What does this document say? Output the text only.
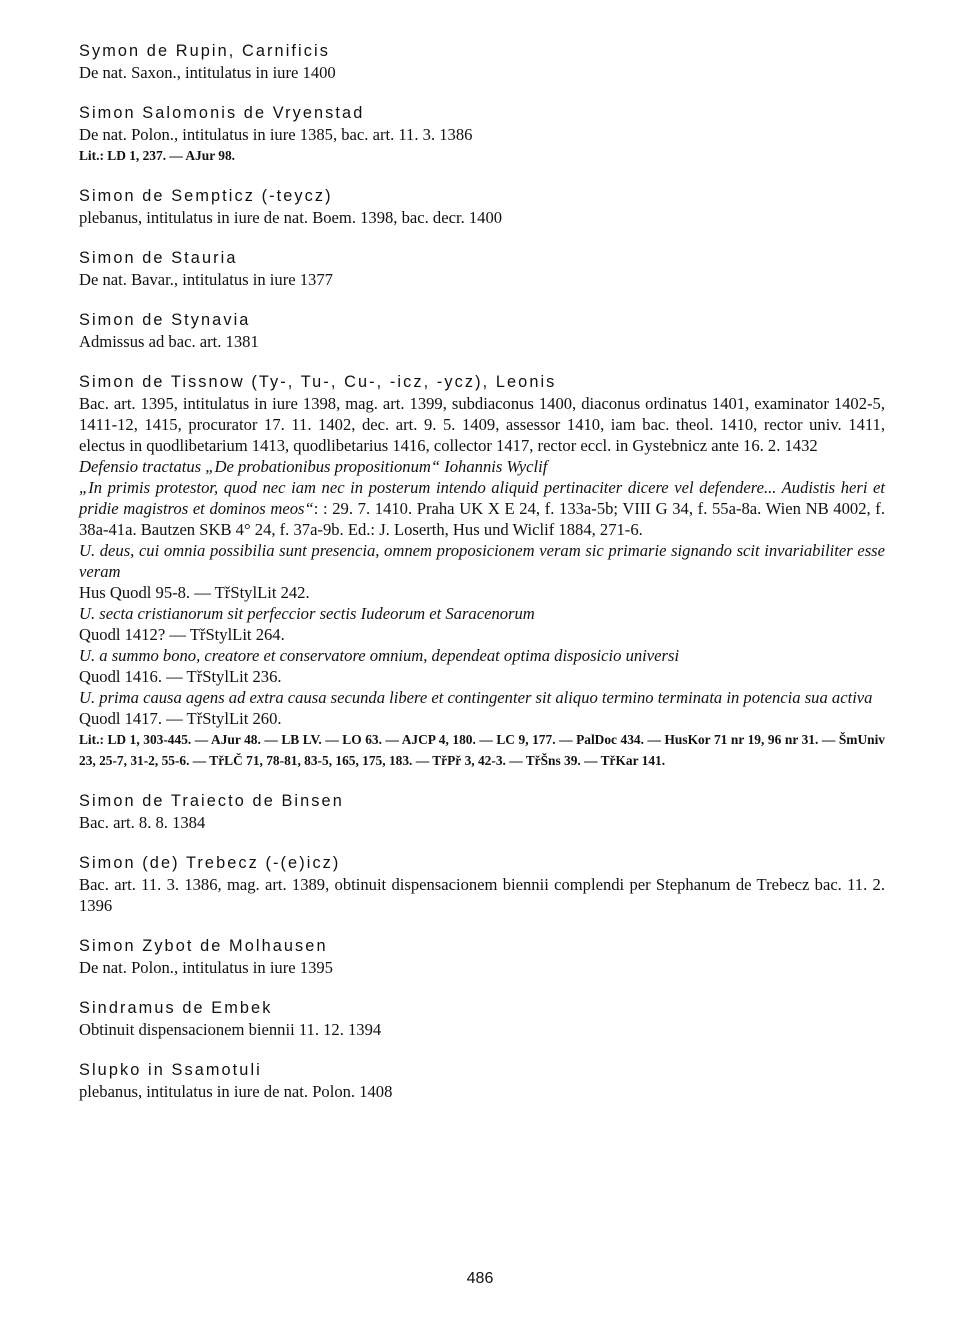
Symon de Rupin, Carnificis
De nat. Saxon., intitulatus in iure 1400
Simon Salomonis de Vryenstad
De nat. Polon., intitulatus in iure 1385, bac. art. 11. 3. 1386
Lit.: LD 1, 237. — AJur 98.
Simon de Sempticz (-teycz)
plebanus, intitulatus in iure de nat. Boem. 1398, bac. decr. 1400
Simon de Stauria
De nat. Bavar., intitulatus in iure 1377
Simon de Stynavia
Admissus ad bac. art. 1381
Simon de Tissnow (Ty-, Tu-, Cu-, -icz, -ycz), Leonis
Bac. art. 1395, intitulatus in iure 1398, mag. art. 1399, subdiaconus 1400, diaconus ordinatus 1401, examinator 1402-5, 1411-12, 1415, procurator 17. 11. 1402, dec. art. 9. 5. 1409, assessor 1410, iam bac. theol. 1410, rector univ. 1411, electus in quodlibetarium 1413, quodlibetarius 1416, collector 1417, rector eccl. in Gystebnicz ante 16. 2. 1432
Defensio tractatus „De probationibus propositionum“ Iohannis Wyclif
„In primis protestor, quod nec iam nec in posterum intendo aliquid pertinaciter dicere vel defendere... Audistis heri et pridie magistros et dominos meos“: : 29. 7. 1410. Praha UK X E 24, f. 133a-5b; VIII G 34, f. 55a-8a. Wien NB 4002, f. 38a-41a. Bautzen SKB 4° 24, f. 37a-9b. Ed.: J. Loserth, Hus und Wiclif 1884, 271-6.
U. deus, cui omnia possibilia sunt presencia, omnem proposicionem veram sic primarie signando scit invariabiliter esse veram
Hus Quodl 95-8. — TřStylLit 242.
U. secta cristianorum sit perfeccior sectis Iudeorum et Saracenorum
Quodl 1412? — TřStylLit 264.
U. a summo bono, creatore et conservatore omnium, dependeat optima disposicio universi
Quodl 1416. — TřStylLit 236.
U. prima causa agens ad extra causa secunda libere et contingenter sit aliquo termino terminata in potencia sua activa
Quodl 1417. — TřStylLit 260.
Lit.: LD 1, 303-445. — AJur 48. — LB LV. — LO 63. — AJCP 4, 180. — LC 9, 177. — PalDoc 434. — HusKor 71 nr 19, 96 nr 31. — ŠmUniv 23, 25-7, 31-2, 55-6. — TřLČ 71, 78-81, 83-5, 165, 175, 183. — TřPř 3, 42-3. — TřŠns 39. — TřKar 141.
Simon de Traiecto de Binsen
Bac. art. 8. 8. 1384
Simon (de) Trebecz (-(e)icz)
Bac. art. 11. 3. 1386, mag. art. 1389, obtinuit dispensacionem biennii complendi per Stephanum de Trebecz bac. 11. 2. 1396
Simon Zybot de Molhausen
De nat. Polon., intitulatus in iure 1395
Sindramus de Embek
Obtinuit dispensacionem biennii 11. 12. 1394
Slupko in Ssamotuli
plebanus, intitulatus in iure de nat. Polon. 1408
486
